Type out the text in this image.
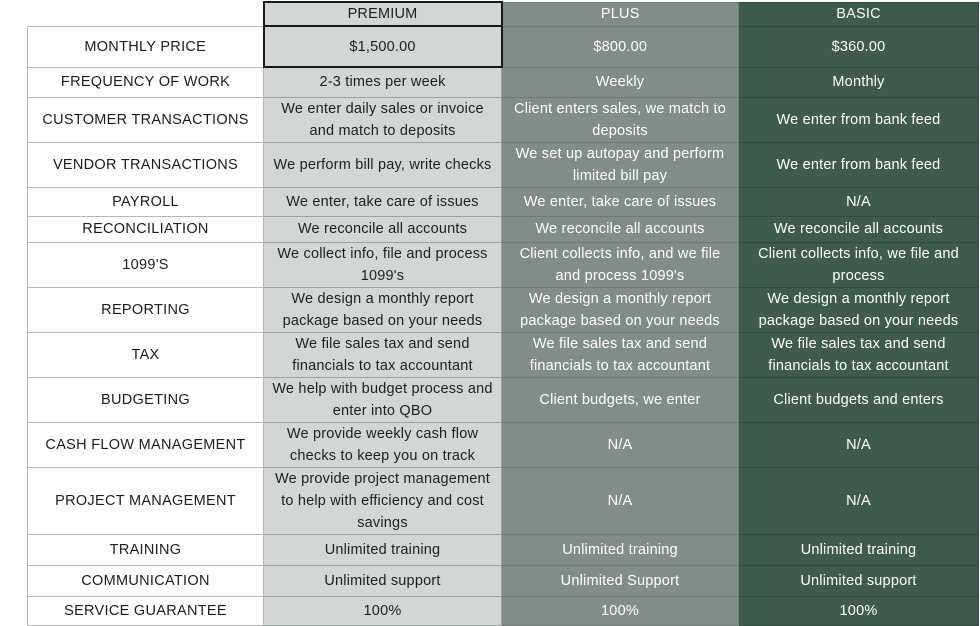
	PREMIUM	PLUS	BASIC
MONTHLY PRICE	$1,500.00	$800.00	$360.00
FREQUENCY OF WORK	2-3 times per week	Weekly	Monthly
CUSTOMER TRANSACTIONS	We enter daily sales or invoice and match to deposits	Client enters sales, we match to deposits	We enter from bank feed
VENDOR TRANSACTIONS	We perform bill pay, write checks	We set up autopay and perform limited bill pay	We enter from bank feed
PAYROLL	We enter, take care of issues	We enter, take care of issues	N/A
RECONCILIATION	We reconcile all accounts	We reconcile all accounts	We reconcile all accounts
1099'S	We collect info, file and process 1099's	Client collects info, and we file and process 1099's	Client collects info, we file and process
REPORTING	We design a monthly report package based on your needs	We design a monthly report package based on your needs	We design a monthly report package based on your needs
TAX	We file sales tax and send financials to tax accountant	We file sales tax and send financials to tax accountant	We file sales tax and send financials to tax accountant
BUDGETING	We help with budget process and enter into QBO	Client budgets, we enter	Client budgets and enters
CASH FLOW MANAGEMENT	We provide weekly cash flow checks to keep you on track	N/A	N/A
PROJECT MANAGEMENT	We provide project management to help with efficiency and cost savings	N/A	N/A
TRAINING	Unlimited training	Unlimited training	Unlimited training
COMMUNICATION	Unlimited support	Unlimited Support	Unlimited support
SERVICE GUARANTEE	100%	100%	100%
